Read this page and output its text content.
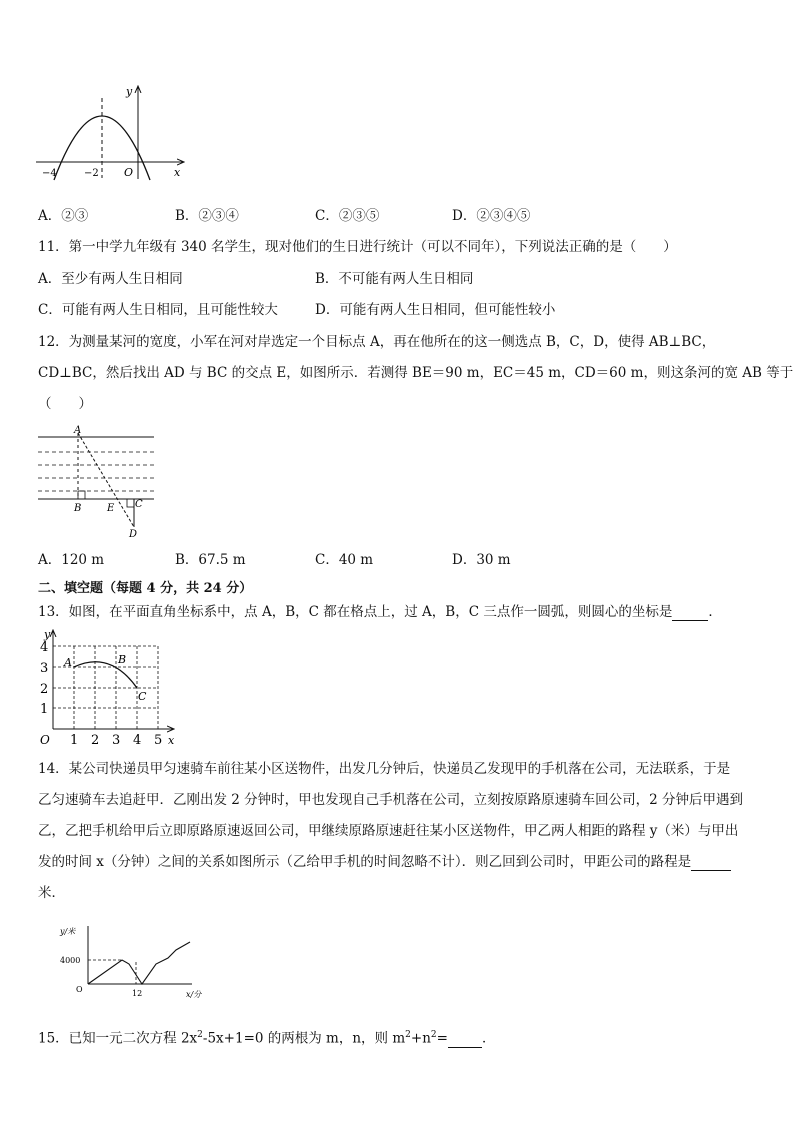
y
x
O
−4	−2
A．②③	B．②③④	C．②③⑤	D．②③④⑤
11．第一中学九年级有 340 名学生，现对他们的生日进行统计（可以不同年），下列说法正确的是（　　）
A．至少有两人生日相同	B．不可能有两人生日相同
C．可能有两人生日相同，且可能性较大	D．可能有两人生日相同，但可能性较小
12．为测量某河的宽度，小军在河对岸选定一个目标点 A，再在他所在的这一侧选点 B，C，D，使得 AB⊥BC，
CD⊥BC，然后找出 AD 与 BC 的交点 E，如图所示．若测得 BE＝90 m，EC＝45 m，CD＝60 m，则这条河的宽 AB 等于
（　　）
A
B	E C
D
A．120 m	B．67.5 m	C．40 m	D．30 m
二、填空题（每题 4 分，共 24 分）
13．如图，在平面直角坐标系中，点 A，B，C 都在格点上，过 A，B，C 三点作一圆弧，则圆心的坐标是	．
y
x
O
4
3
2
1
1 2 3 4 5
A	B
C
14．某公司快递员甲匀速骑车前往某小区送物件，出发几分钟后，快递员乙发现甲的手机落在公司，无法联系，于是
乙匀速骑车去追赶甲．乙刚出发 2 分钟时，甲也发现自己手机落在公司，立刻按原路原速骑车回公司，2 分钟后甲遇到
乙，乙把手机给甲后立即原路原速返回公司，甲继续原路原速赶往某小区送物件，甲乙两人相距的路程 y（米）与甲出
发的时间 x（分钟）之间的关系如图所示（乙给甲手机的时间忽略不计）．则乙回到公司时，甲距公司的路程是
米．
y/米
x/分
4000
12
O
15．已知一元二次方程 $2x^2-5x+1=0$ 的两根为 m，n，则 $m^2+n^2=$	．
